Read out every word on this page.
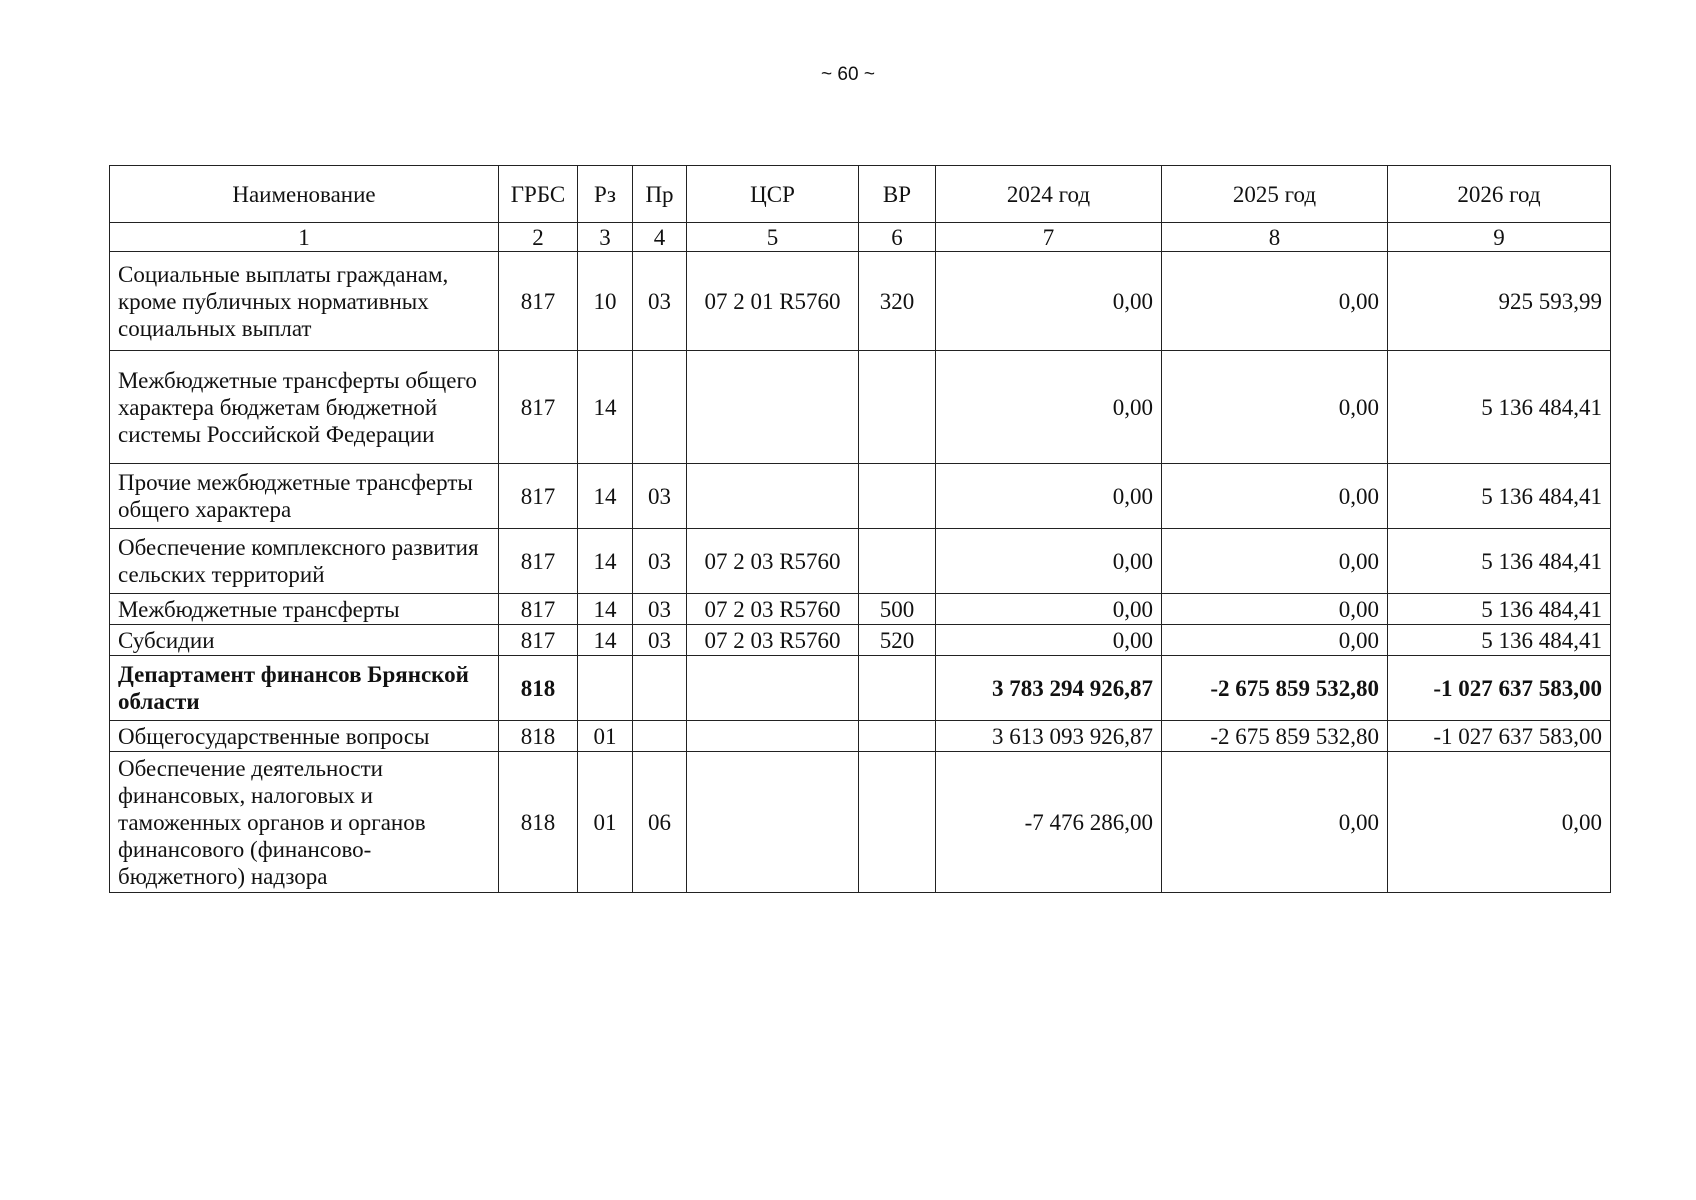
~ 60 ~
Наименование	ГРБС	Рз	Пр	ЦСР	ВР	2024 год	2025 год	2026 год
1	2	3	4	5	6	7	8	9
Социальные выплаты гражданам, кроме публичных нормативных социальных выплат	817	10	03	07 2 01 R5760	320	0,00	0,00	925 593,99
Межбюджетные трансферты общего характера бюджетам бюджетной системы Российской Федерации	817	14				0,00	0,00	5 136 484,41
Прочие межбюджетные трансферты общего характера	817	14	03			0,00	0,00	5 136 484,41
Обеспечение комплексного развития сельских территорий	817	14	03	07 2 03 R5760		0,00	0,00	5 136 484,41
Межбюджетные трансферты	817	14	03	07 2 03 R5760	500	0,00	0,00	5 136 484,41
Субсидии	817	14	03	07 2 03 R5760	520	0,00	0,00	5 136 484,41
Департамент финансов Брянской области	818					3 783 294 926,87	-2 675 859 532,80	-1 027 637 583,00
Общегосударственные вопросы	818	01				3 613 093 926,87	-2 675 859 532,80	-1 027 637 583,00
Обеспечение деятельности финансовых, налоговых и таможенных органов и органов финансового (финансово-бюджетного) надзора	818	01	06			-7 476 286,00	0,00	0,00
